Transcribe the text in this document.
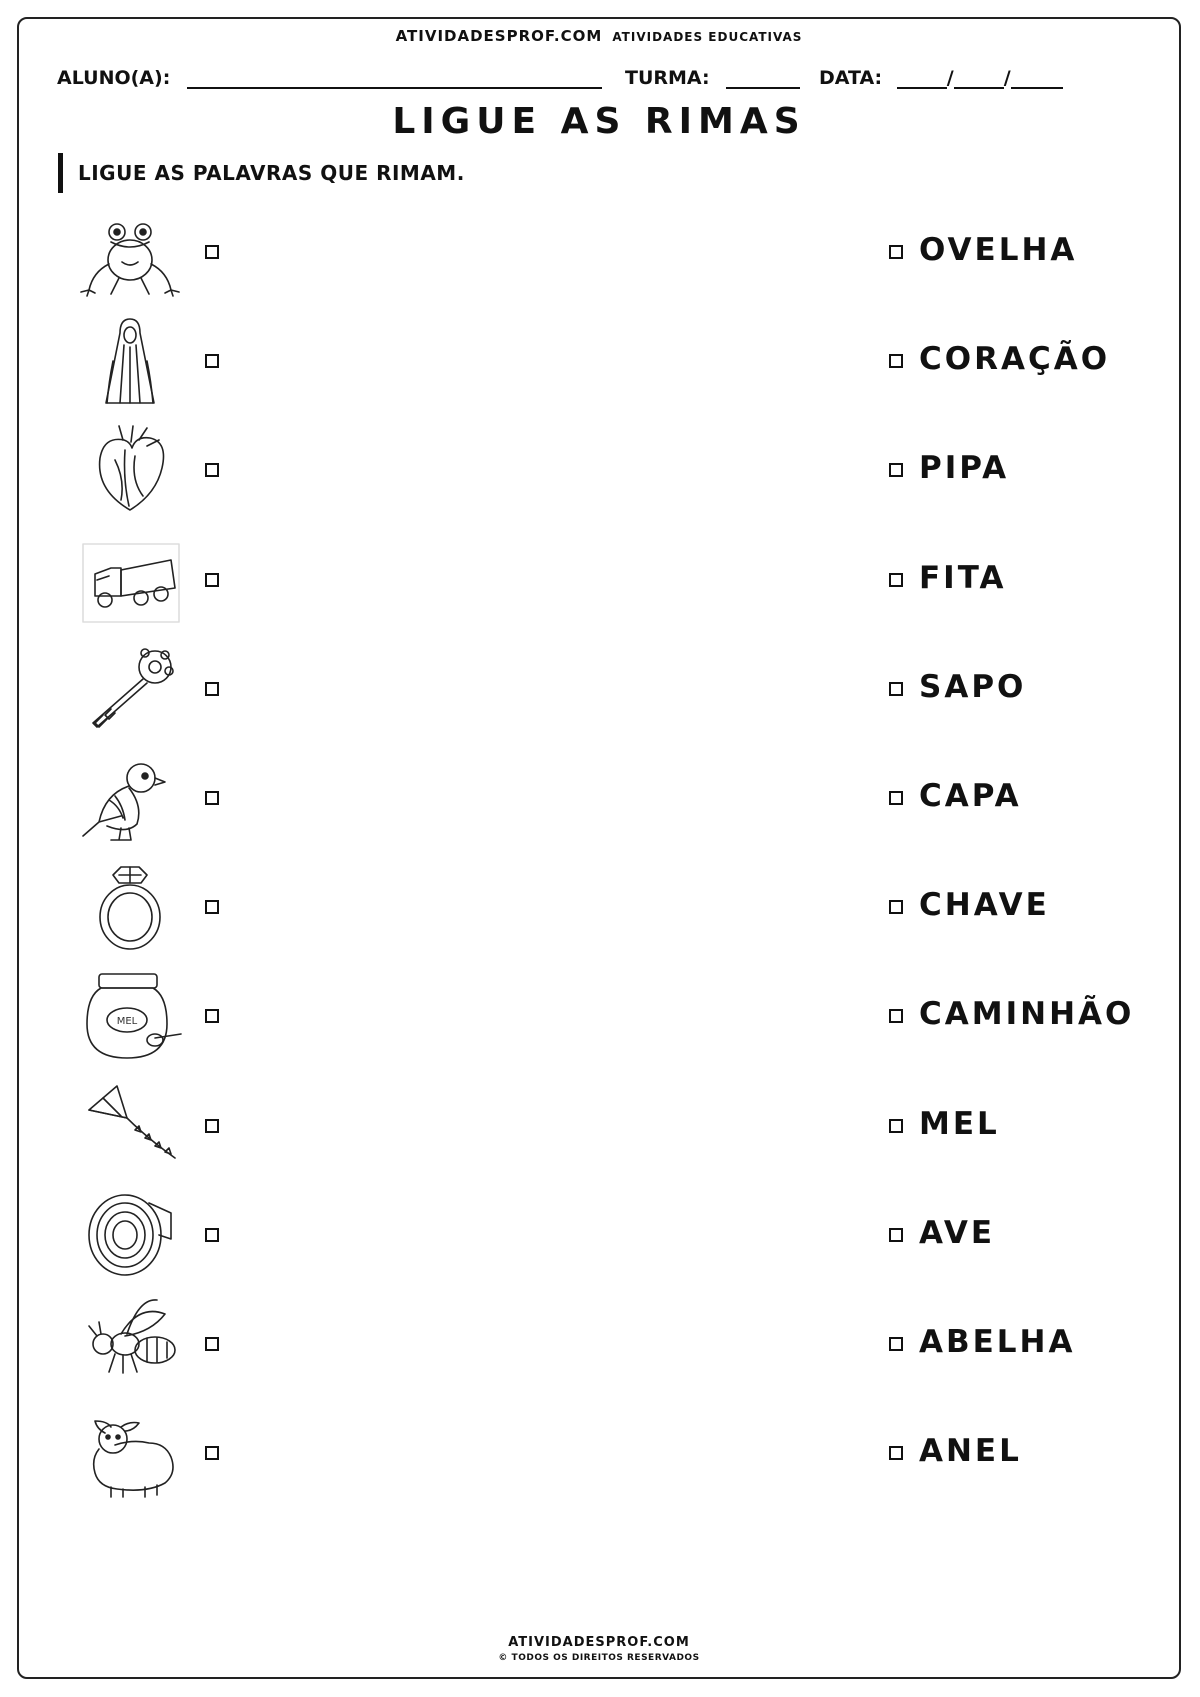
ATIVIDADESPROF.COM ATIVIDADES EDUCATIVAS
ALUNO(A):	TURMA:	DATA:	/	/
LIGUE AS RIMAS
LIGUE AS PALAVRAS QUE RIMAM.
OVELHA
CORAÇÃO
PIPA
FITA
SAPO
CAPA
CHAVE
MEL	CAMINHÃO
MEL
AVE
ABELHA
ANEL
ATIVIDADESPROF.COM
© TODOS OS DIREITOS RESERVADOS
